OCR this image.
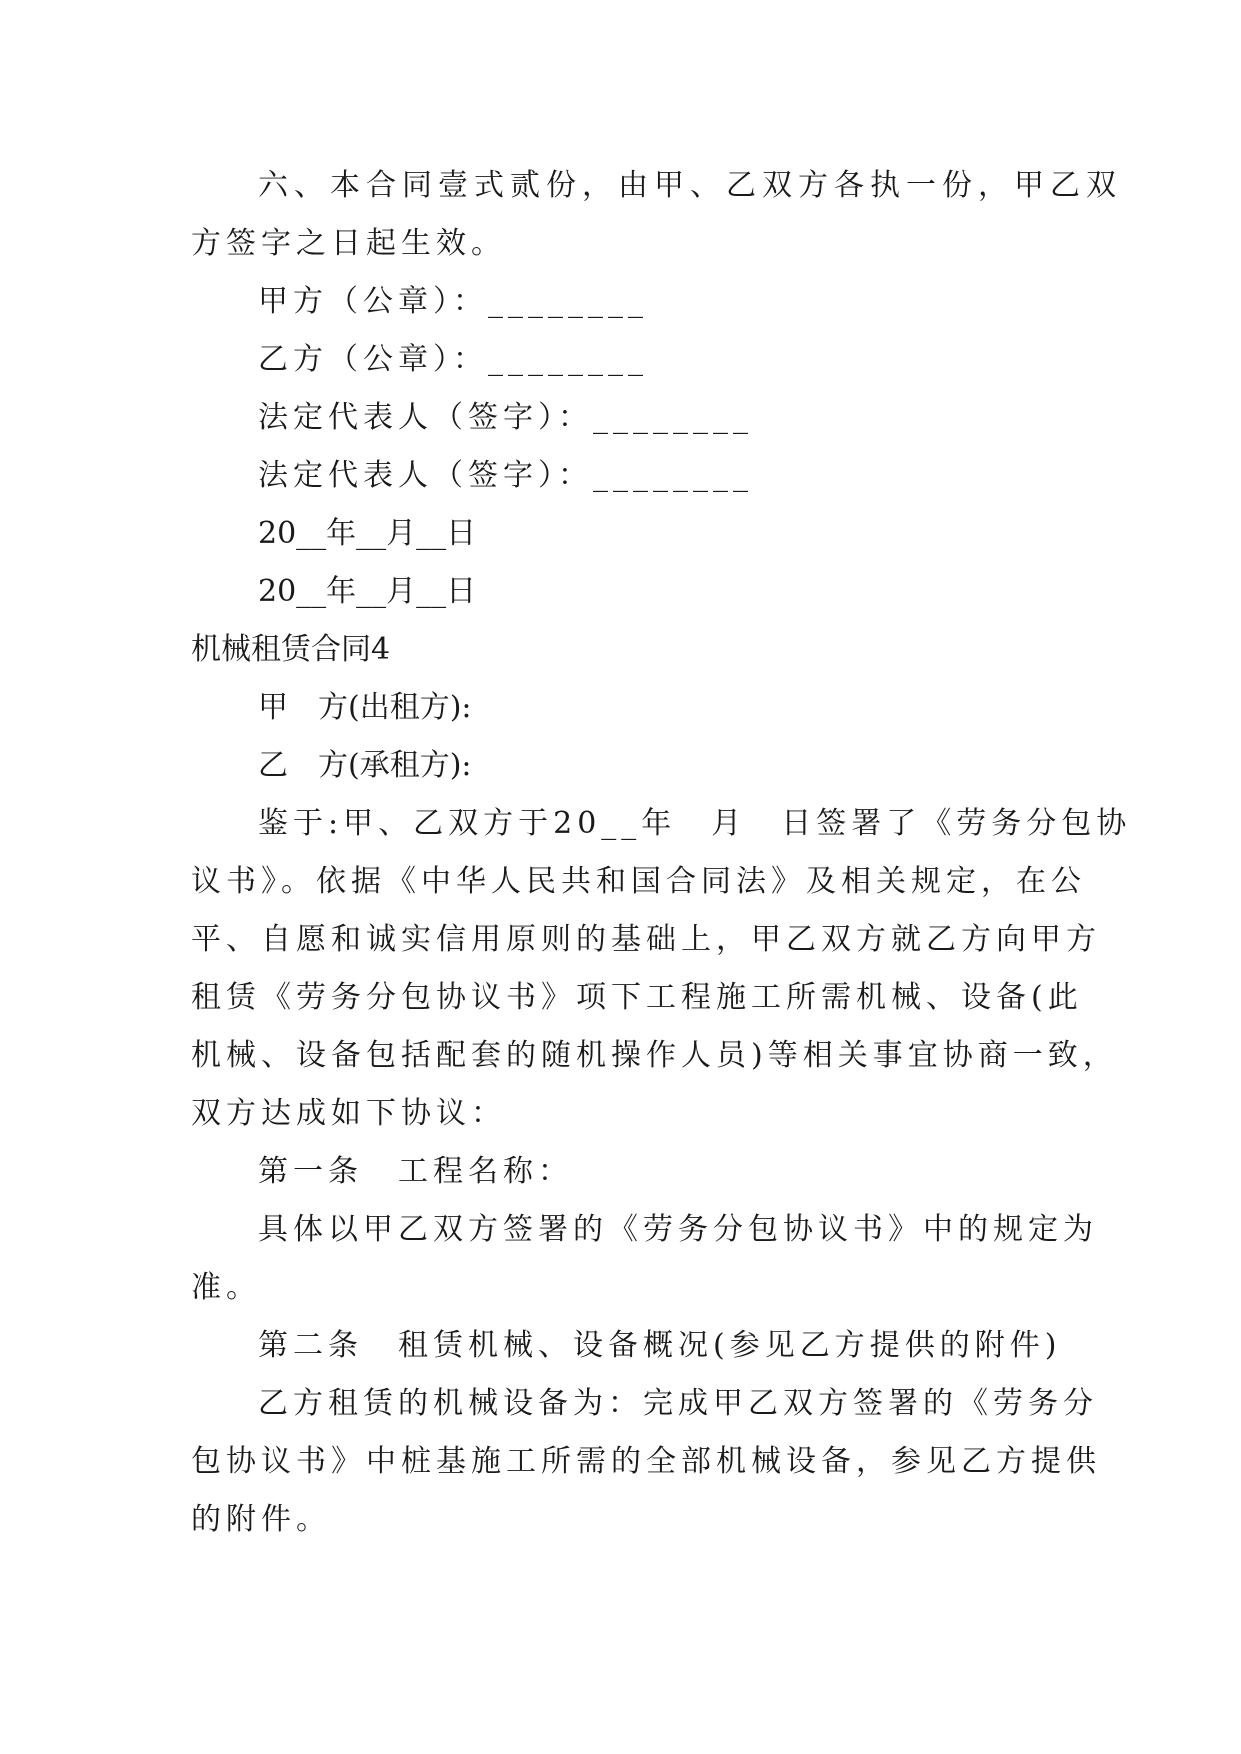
六、本合同壹式贰份，由甲、乙双方各执一份，甲乙双
方签字之日起生效。
甲方（公章）：________
乙方（公章）：________
法定代表人（签字）：________
法定代表人（签字）：________
20__年__月__日
20__年__月__日
机械租赁合同4
甲　方(出租方):
乙　方(承租方):
鉴于:甲、乙双方于20__年　月　日签署了《劳务分包协
议书》。依据《中华人民共和国合同法》及相关规定，在公
平、自愿和诚实信用原则的基础上，甲乙双方就乙方向甲方
租赁《劳务分包协议书》项下工程施工所需机械、设备(此
机械、设备包括配套的随机操作人员)等相关事宜协商一致，
双方达成如下协议：
第一条　工程名称：
具体以甲乙双方签署的《劳务分包协议书》中的规定为
准。
第二条　租赁机械、设备概况(参见乙方提供的附件)
乙方租赁的机械设备为：完成甲乙双方签署的《劳务分
包协议书》中桩基施工所需的全部机械设备，参见乙方提供
的附件。
